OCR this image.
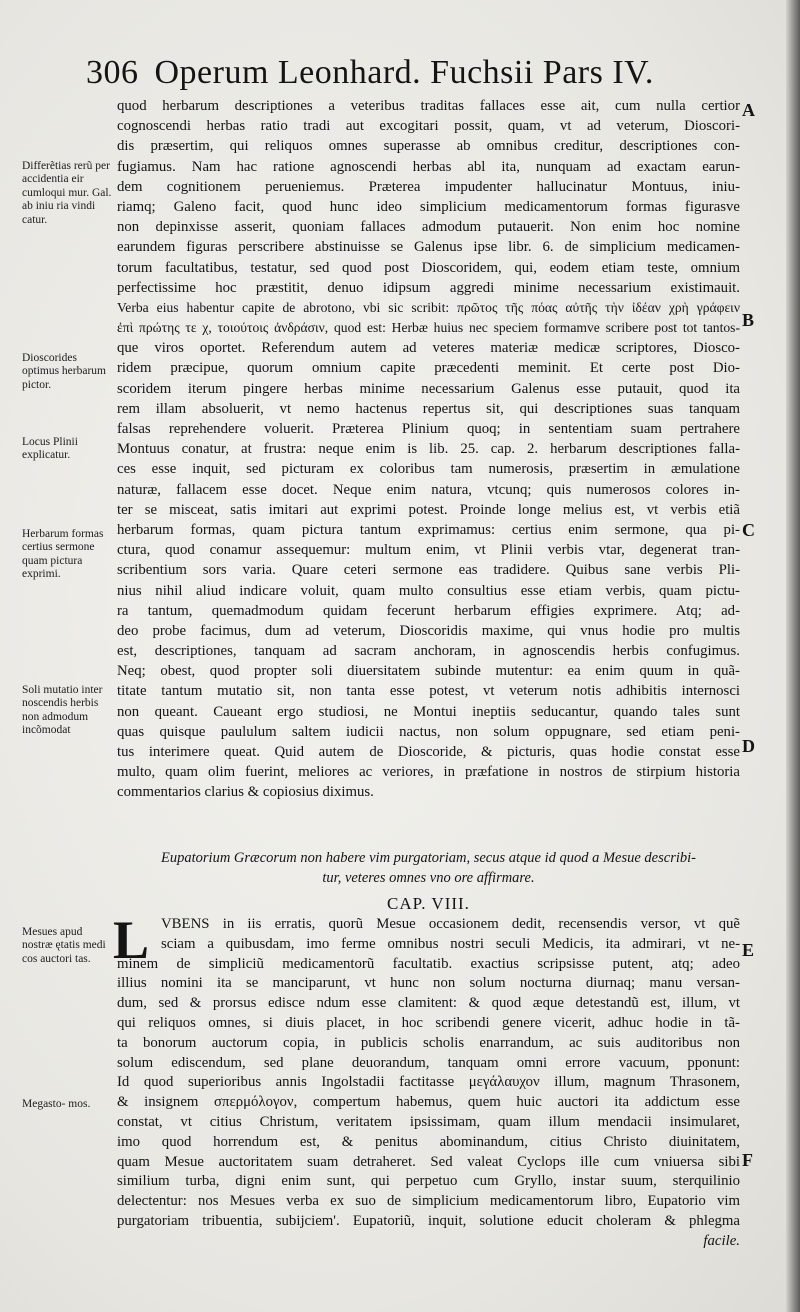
306 Operum Leonhard. Fuchsii Pars IV.
A
B
C
D
E
F
Differẽtias rerũ per accidentia eir cumloqui mur. Gal. ab iniu ria vindi catur.
Dioscorides optimus herbarum pictor.
Locus Plinii explicatur.
Herbarum formas certius sermone quam pictura exprimi.
Soli mutatio inter noscendis herbis non admodum incõmodat
Mesues apud nostræ ętatis medi cos auctori tas.
Megasto- mos.
quod herbarum descriptiones a veteribus traditas fallaces esse ait, cum nulla certior
cognoscendi herbas ratio tradi aut excogitari possit, quam, vt ad veterum, Dioscori-
dis præsertim, qui reliquos omnes superasse ab omnibus creditur, descriptiones con-
fugiamus. Nam hac ratione agnoscendi herbas abl ita, nunquam ad exactam earun-
dem cognitionem perueniemus. Præterea impudenter hallucinatur Montuus, iniu-
riamq; Galeno facit, quod hunc ideo simplicium medicamentorum formas figurasve
non depinxisse asserit, quoniam fallaces admodum putauerit. Non enim hoc nomine
earundem figuras perscribere abstinuisse se Galenus ipse libr. 6. de simplicium medicamen-
torum facultatibus, testatur, sed quod post Dioscoridem, qui, eodem etiam teste, omnium
perfectissime hoc præstitit, denuo idipsum aggredi minime necessarium existimauit.
Verba eius habentur capite de abrotono, vbi sic scribit: πρῶτος τῆς πόας αὐτῆς τὴν ἰδέαν χρὴ γράφειν
ἐπὶ πρώτης τε χ, τοιούτοις ἀνδράσιν, quod est: Herbæ huius nec speciem formamve scribere post tot tantos-
que viros oportet. Referendum autem ad veteres materiæ medicæ scriptores, Diosco-
ridem præcipue, quorum omnium capite præcedenti meminit. Et certe post Dio-
scoridem iterum pingere herbas minime necessarium Galenus esse putauit, quod ita
rem illam absoluerit, vt nemo hactenus repertus sit, qui descriptiones suas tanquam
falsas reprehendere voluerit. Præterea Plinium quoq; in sententiam suam pertrahere
Montuus conatur, at frustra: neque enim is lib. 25. cap. 2. herbarum descriptiones falla-
ces esse inquit, sed picturam ex coloribus tam numerosis, præsertim in æmulatione
naturæ, fallacem esse docet. Neque enim natura, vtcunq; quis numerosos colores in-
ter se misceat, satis imitari aut exprimi potest. Proinde longe melius est, vt verbis etiã
herbarum formas, quam pictura tantum exprimamus: certius enim sermone, qua pi-
ctura, quod conamur assequemur: multum enim, vt Plinii verbis vtar, degenerat tran-
scribentium sors varia. Quare ceteri sermone eas tradidere. Quibus sane verbis Pli-
nius nihil aliud indicare voluit, quam multo consultius esse etiam verbis, quam pictu-
ra tantum, quemadmodum quidam fecerunt herbarum effigies exprimere. Atq; ad-
deo probe facimus, dum ad veterum, Dioscoridis maxime, qui vnus hodie pro multis
est, descriptiones, tanquam ad sacram anchoram, in agnoscendis herbis confugimus.
Neq; obest, quod propter soli diuersitatem subinde mutentur: ea enim quum in quã-
titate tantum mutatio sit, non tanta esse potest, vt veterum notis adhibitis internosci
non queant. Caueant ergo studiosi, ne Montui ineptiis seducantur, quando tales sunt
quas quisque paululum saltem iudicii nactus, non solum oppugnare, sed etiam peni-
tus interimere queat. Quid autem de Dioscoride, & picturis, quas hodie constat esse
multo, quam olim fuerint, meliores ac veriores, in præfatione in nostros de stirpium historia
commentarios clarius & copiosius diximus.
Eupatorium Græcorum non habere vim purgatoriam, secus atque id quod a Mesue describi-
tur, veteres omnes vno ore affirmare.
CAP. VIII.
L VBENS in iis erratis, quorũ Mesue occasionem dedit, recensendis versor, vt quẽ
sciam a quibusdam, imo ferme omnibus nostri seculi Medicis, ita admirari, vt ne-
minem de simpliciũ medicamentorũ facultatib. exactius scripsisse putent, atq; adeo
illius nomini ita se manciparunt, vt hunc non solum nocturna diurnaq; manu versan-
dum, sed & prorsus edisce ndum esse clamitent: & quod æque detestandũ est, illum, vt
qui reliquos omnes, si diuis placet, in hoc scribendi genere vicerit, adhuc hodie in tã-
ta bonorum auctorum copia, in publicis scholis enarrandum, ac suis auditoribus non
solum ediscendum, sed plane deuorandum, tanquam omni errore vacuum, pponunt:
Id quod superioribus annis Ingolstadii factitasse μεγάλαυχον illum, magnum Thrasonem,
& insignem σπερμόλογον, compertum habemus, quem huic auctori ita addictum esse
constat, vt citius Christum, veritatem ipsissimam, quam illum mendacii insimularet,
imo quod horrendum est, & penitus abominandum, citius Christo diuinitatem,
quam Mesue auctoritatem suam detraheret. Sed valeat Cyclops ille cum vniuersa sibi
similium turba, digni enim sunt, qui perpetuo cum Gryllo, instar suum, sterquilinio
delectentur: nos Mesues verba ex suo de simplicium medicamentorum libro, Eupatorio vim
purgatoriam tribuentia, subijciem'. Eupatoriũ, inquit, solutione educit choleram & phlegma
facile.
